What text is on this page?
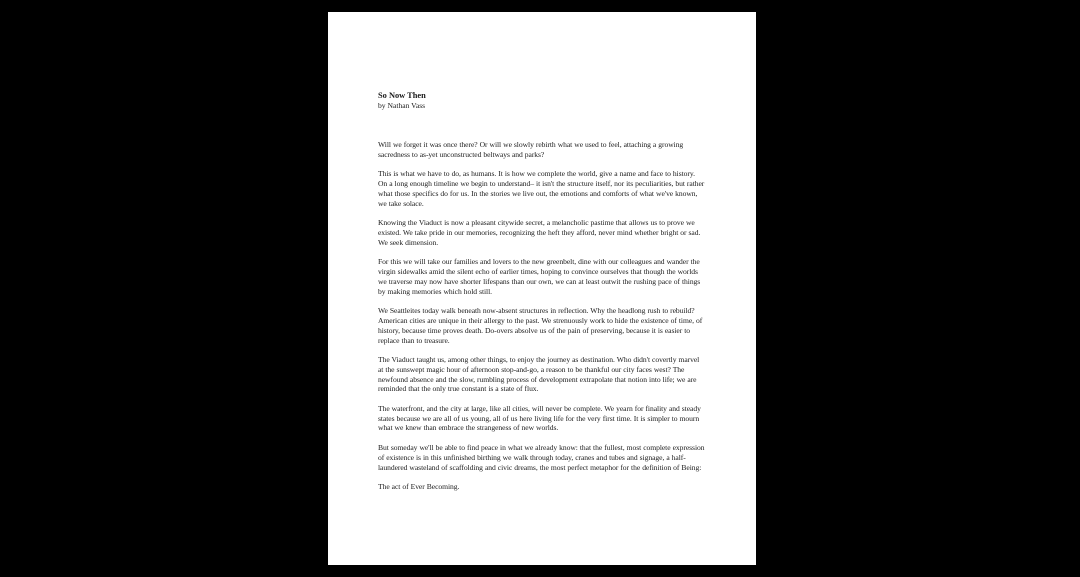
So Now Then

by Nathan Vass

Will we forget it was once there? Or will we slowly rebirth what we used to feel, attaching a growing sacredness to as-yet unconstructed beltways and parks?

This is what we have to do, as humans. It is how we complete the world, give a name and face to history. On a long enough timeline we begin to understand– it isn't the structure itself, nor its peculiarities, but rather what those specifics do for us. In the stories we live out, the emotions and comforts of what we've known, we take solace.

Knowing the Viaduct is now a pleasant citywide secret, a melancholic pastime that allows us to prove we existed. We take pride in our memories, recognizing the heft they afford, never mind whether bright or sad. We seek dimension.

For this we will take our families and lovers to the new greenbelt, dine with our colleagues and wander the virgin sidewalks amid the silent echo of earlier times, hoping to convince ourselves that though the worlds we traverse may now have shorter lifespans than our own, we can at least outwit the rushing pace of things by making memories which hold still.

We Seattleites today walk beneath now-absent structures in reflection. Why the headlong rush to rebuild? American cities are unique in their allergy to the past. We strenuously work to hide the existence of time, of history, because time proves death. Do-overs absolve us of the pain of preserving, because it is easier to replace than to treasure.

The Viaduct taught us, among other things, to enjoy the journey as destination. Who didn't covertly marvel at the sunswept magic hour of afternoon stop-and-go, a reason to be thankful our city faces west? The newfound absence and the slow, rumbling process of development extrapolate that notion into life; we are reminded that the only true constant is a state of flux.

The waterfront, and the city at large, like all cities, will never be complete. We yearn for finality and steady states because we are all of us young, all of us here living life for the very first time. It is simpler to mourn what we knew than embrace the strangeness of new worlds.

But someday we'll be able to find peace in what we already know: that the fullest, most complete expression of existence is in this unfinished birthing we walk through today, cranes and tubes and signage, a half-laundered wasteland of scaffolding and civic dreams, the most perfect metaphor for the definition of Being:

The act of Ever Becoming.
